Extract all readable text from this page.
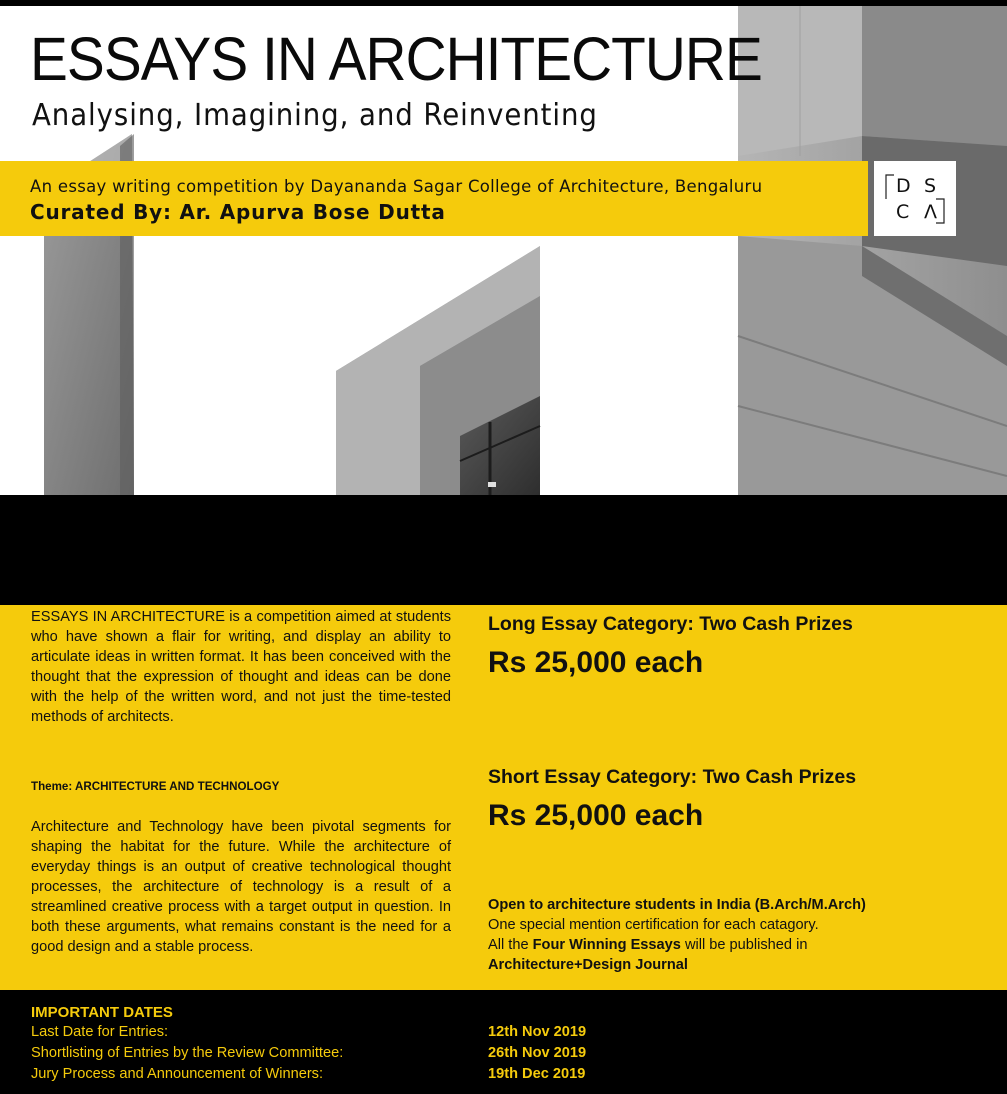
ESSAYS IN ARCHITECTURE
Analysing, Imagining, and Reinventing
An essay writing competition by Dayananda Sagar College of Architecture, Bengaluru
Curated By: Ar. Apurva Bose Dutta
D S
C Λ
ESSAYS IN ARCHITECTURE is a competition aimed at students who have shown a flair for writing, and display an ability to articulate ideas in written format. It has been conceived with the thought that the expression of thought and ideas can be done with the help of the written word, and not just the time-tested methods of architects.
Theme: ARCHITECTURE AND TECHNOLOGY
Architecture and Technology have been pivotal segments for shaping the habitat for the future. While the architecture of everyday things is an output of creative technological thought processes, the architecture of technology is a result of a streamlined creative process with a target output in question. In both these arguments, what remains constant is the need for a good design and a stable process.
Long Essay Category: Two Cash Prizes
Rs 25,000 each
Short Essay Category: Two Cash Prizes
Rs 25,000 each
Open to architecture students in India (B.Arch/M.Arch)
One special mention certification for each catagory.
All the Four Winning Essays will be published in
Architecture+Design Journal
IMPORTANT DATES
Last Date for Entries:	12th Nov 2019
Shortlisting of Entries by the Review Committee:	26th Nov 2019
Jury Process and Announcement of Winners:	19th Dec 2019
